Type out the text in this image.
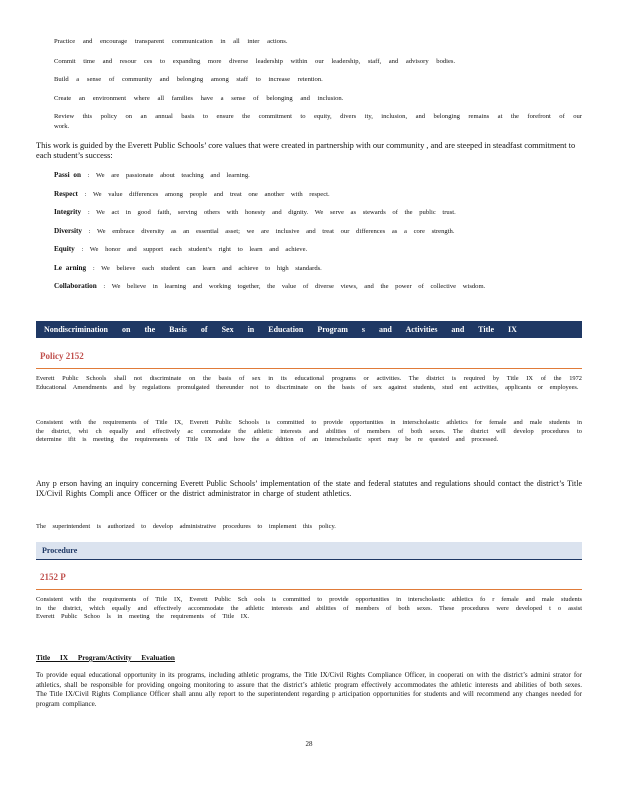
Practice and encourage transparent communication in all inter actions.
Commit time and resour ces to expanding more diverse leadership within our leadership, staff, and advisory bodies.
Build a sense of community and belonging among staff to increase retention.
Create an environment where all families have a sense of belonging and inclusion.
Review this policy on an annual basis to ensure the commitment to equity, divers ity, inclusion, and belonging remains at the forefront of our work.
This work is guided by the Everett Public Schools’ core values that were created in partnership with our community , and are steeped in steadfast commitment to each student’s success:
Passi on : We are passionate about teaching and learning.
Respect : We value differences among people and treat one another with respect.
Integrity : We act in good faith, serving others with honesty and dignity. We serve as stewards of the public trust.
Diversity : We embrace diversity as an essential asset; we are inclusive and treat our differences as a core strength.
Equity : We honor and support each student’s right to learn and achieve.
Le arning : We believe each student can learn and achieve to high standards.
Collaboration : We believe in learning and working together, the value of diverse views, and the power of collective wisdom.
Nondiscrimination on the Basis of Sex in Education Program s and Activities and Title IX
Policy 2152
Everett Public Schools shall not discriminate on the basis of sex in its educational programs or activities. The district is required by Title IX of the 1972 Educational Amendments and by regulations promulgated thereunder not to discriminate on the basis of sex against students, stud ent activities, applicants or employees.
Consistent with the requirements of Title IX, Everett Public Schools is committed to provide opportunities in interscholastic athletics for female and male students in the district, whi ch equally and effectively ac commodate the athletic interests and abilities of members of both sexes. The district will develop procedures to determine ifit is meeting the requirements of Title IX and how the a ddition of an interscholastic sport may be re quested and processed.
Any p erson having an inquiry concerning Everett Public Schools’ implementation of the state and federal statutes and regulations should contact the district’s Title IX/Civil Rights Compli ance Officer or the district administrator in charge of student athletics.
The superintendent is authorized to develop administrative procedures to implement this policy.
Procedure
2152 P
Consistent with the requirements of Title IX, Everett Public Sch ools is committed to provide opportunities in interscholastic athletics fo r female and male students in the district, which equally and effectively accommodate the athletic interests and abilities of members of both sexes. These procedures were developed t o assist Everett Public Schoo ls in meeting the requirements of Title IX.
Title IX Program/Activity Evaluation
To provide equal educational opportunity in its programs, including athletic programs, the Title IX/Civil Rights Compliance Officer, in cooperati on with the district’s admini strator for athletics, shall be responsible for providing ongoing monitoring to assure that the district’s athletic program effectively accommodates the athletic interests and abilities of both sexes. The Title IX/Civil Rights Compliance Officer shall annu ally report to the superintendent regarding p articipation opportunities for students and will recommend any changes needed for program compliance.
28
